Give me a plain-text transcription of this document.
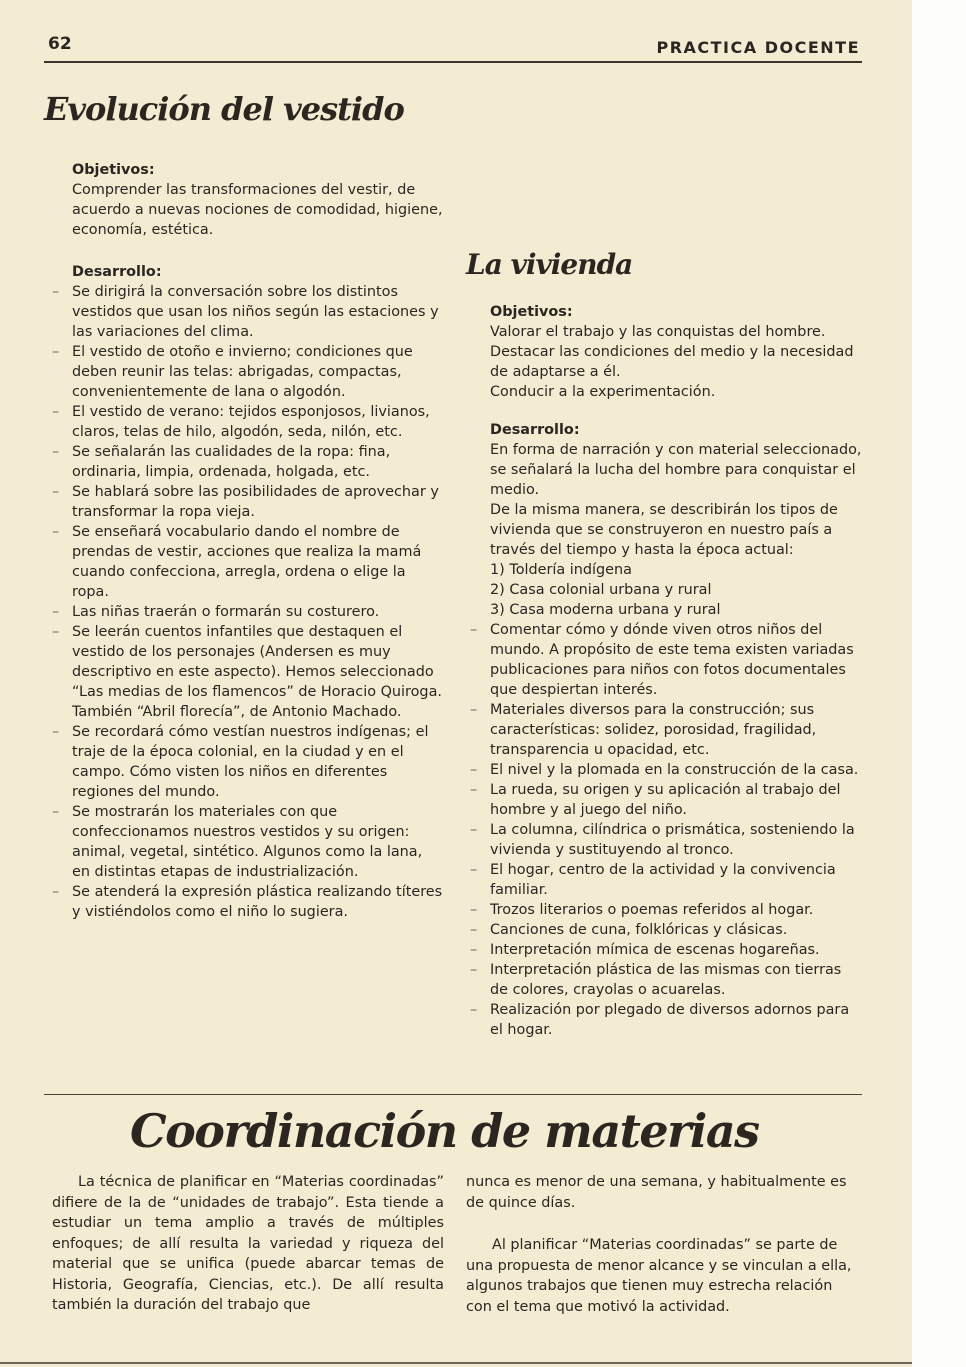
62	PRACTICA DOCENTE
Evolución del vestido

Objetivos:

Comprender las transformaciones del vestir, de acuerdo a nuevas nociones de comodidad, higiene, economía, estética.

Desarrollo:

– Se dirigirá la conversación sobre los distintos vestidos que usan los niños según las estaciones y las variaciones del clima.
– El vestido de otoño e invierno; condiciones que deben reunir las telas: abrigadas, compactas, convenientemente de lana o algodón.
– El vestido de verano: tejidos esponjosos, livianos, claros, telas de hilo, algodón, seda, nilón, etc.
– Se señalarán las cualidades de la ropa: fina, ordinaria, limpia, ordenada, holgada, etc.
– Se hablará sobre las posibilidades de aprovechar y transformar la ropa vieja.
– Se enseñará vocabulario dando el nombre de prendas de vestir, acciones que realiza la mamá cuando confecciona, arregla, ordena o elige la ropa.
– Las niñas traerán o formarán su costurero.
– Se leerán cuentos infantiles que destaquen el vestido de los personajes (Andersen es muy descriptivo en este aspecto). Hemos seleccionado “Las medias de los flamencos” de Horacio Quiroga. También “Abril florecía”, de Antonio Machado.
– Se recordará cómo vestían nuestros indígenas; el traje de la época colonial, en la ciudad y en el campo. Cómo visten los niños en diferentes regiones del mundo.
– Se mostrarán los materiales con que confeccionamos nuestros vestidos y su origen: animal, vegetal, sintético. Algunos como la lana, en distintas etapas de industrialización.
– Se atenderá la expresión plástica realizando títeres y vistiéndolos como el niño lo sugiera.
La vivienda

Objetivos:

Valorar el trabajo y las conquistas del hombre.

Destacar las condiciones del medio y la necesidad de adaptarse a él.

Conducir a la experimentación.

Desarrollo:

En forma de narración y con material seleccionado, se señalará la lucha del hombre para conquistar el medio.

De la misma manera, se describirán los tipos de vivienda que se construyeron en nuestro país a través del tiempo y hasta la época actual:

1) Toldería indígena

2) Casa colonial urbana y rural

3) Casa moderna urbana y rural

– Comentar cómo y dónde viven otros niños del mundo. A propósito de este tema existen variadas publicaciones para niños con fotos documentales que despiertan interés.
– Materiales diversos para la construcción; sus características: solidez, porosidad, fragilidad, transparencia u opacidad, etc.
– El nivel y la plomada en la construcción de la casa.
– La rueda, su origen y su aplicación al trabajo del hombre y al juego del niño.
– La columna, cilíndrica o prismática, sosteniendo la vivienda y sustituyendo al tronco.
– El hogar, centro de la actividad y la convivencia familiar.
– Trozos literarios o poemas referidos al hogar.
– Canciones de cuna, folklóricas y clásicas.
– Interpretación mímica de escenas hogareñas.
– Interpretación plástica de las mismas con tierras de colores, crayolas o acuarelas.
– Realización por plegado de diversos adornos para el hogar.
Coordinación de materias

La técnica de planificar en “Materias coordinadas” difiere de la de “unidades de trabajo”. Esta tiende a estudiar un tema amplio a través de múltiples enfoques; de allí resulta la variedad y riqueza del material que se unifica (puede abarcar temas de Historia, Geografía, Ciencias, etc.). De allí resulta también la duración del trabajo que

nunca es menor de una semana, y habitualmente es de quince días.

Al planificar “Materias coordinadas” se parte de una propuesta de menor alcance y se vinculan a ella, algunos trabajos que tienen muy estrecha relación con el tema que motivó la actividad.
